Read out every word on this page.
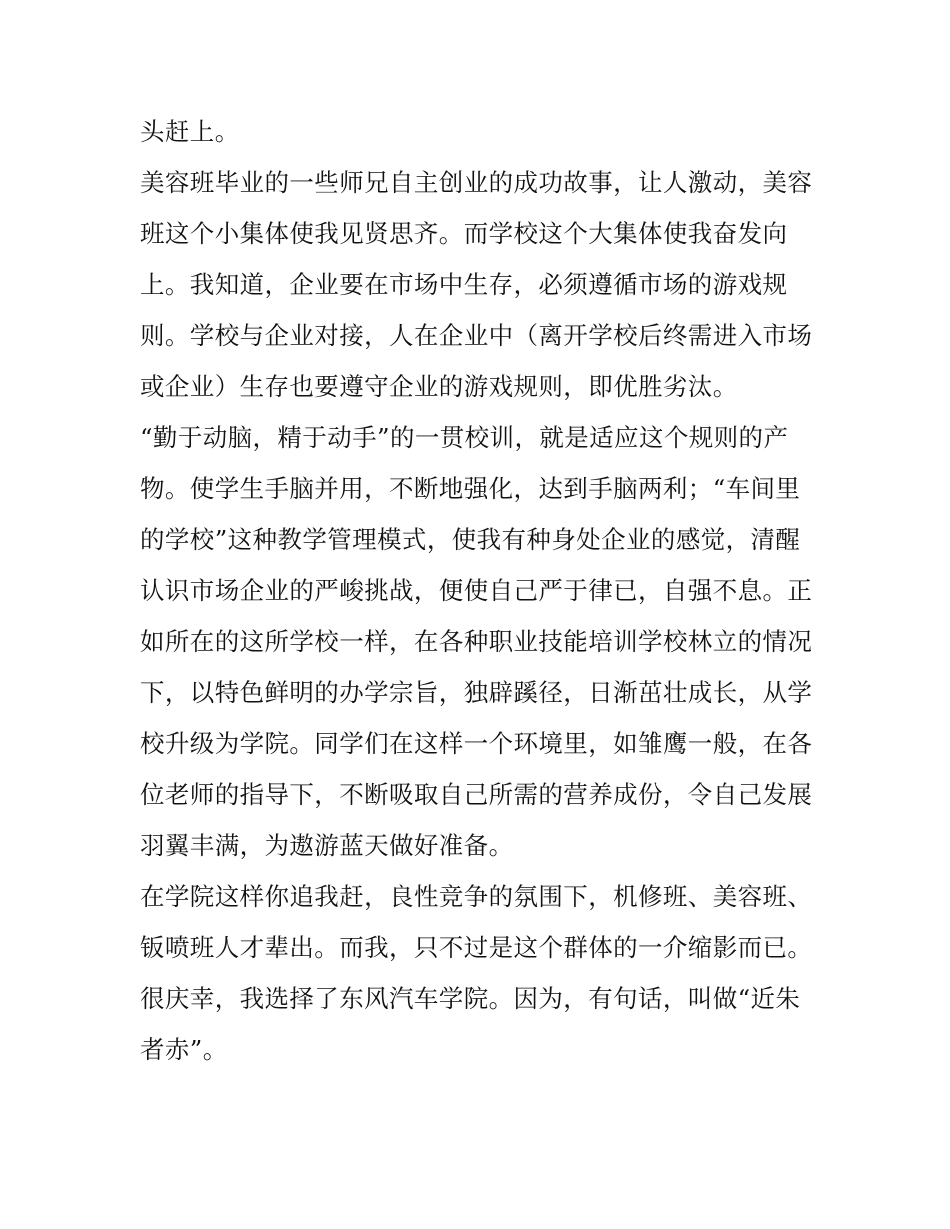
头赶上。
美容班毕业的一些师兄自主创业的成功故事，让人激动，美容
班这个小集体使我见贤思齐。而学校这个大集体使我奋发向
上。我知道，企业要在市场中生存，必须遵循市场的游戏规
则。学校与企业对接，人在企业中（离开学校后终需进入市场
或企业）生存也要遵守企业的游戏规则，即优胜劣汰。
“勤于动脑，精于动手”的一贯校训，就是适应这个规则的产
物。使学生手脑并用，不断地强化，达到手脑两利；“车间里
的学校”这种教学管理模式，使我有种身处企业的感觉，清醒
认识市场企业的严峻挑战，便使自己严于律已，自强不息。正
如所在的这所学校一样，在各种职业技能培训学校林立的情况
下，以特色鲜明的办学宗旨，独辟蹊径，日渐茁壮成长，从学
校升级为学院。同学们在这样一个环境里，如雏鹰一般，在各
位老师的指导下，不断吸取自己所需的营养成份，令自己发展
羽翼丰满，为遨游蓝天做好准备。
在学院这样你追我赶，良性竞争的氛围下，机修班、美容班、
钣喷班人才辈出。而我，只不过是这个群体的一介缩影而已。
很庆幸，我选择了东风汽车学院。因为，有句话，叫做“近朱
者赤”。
